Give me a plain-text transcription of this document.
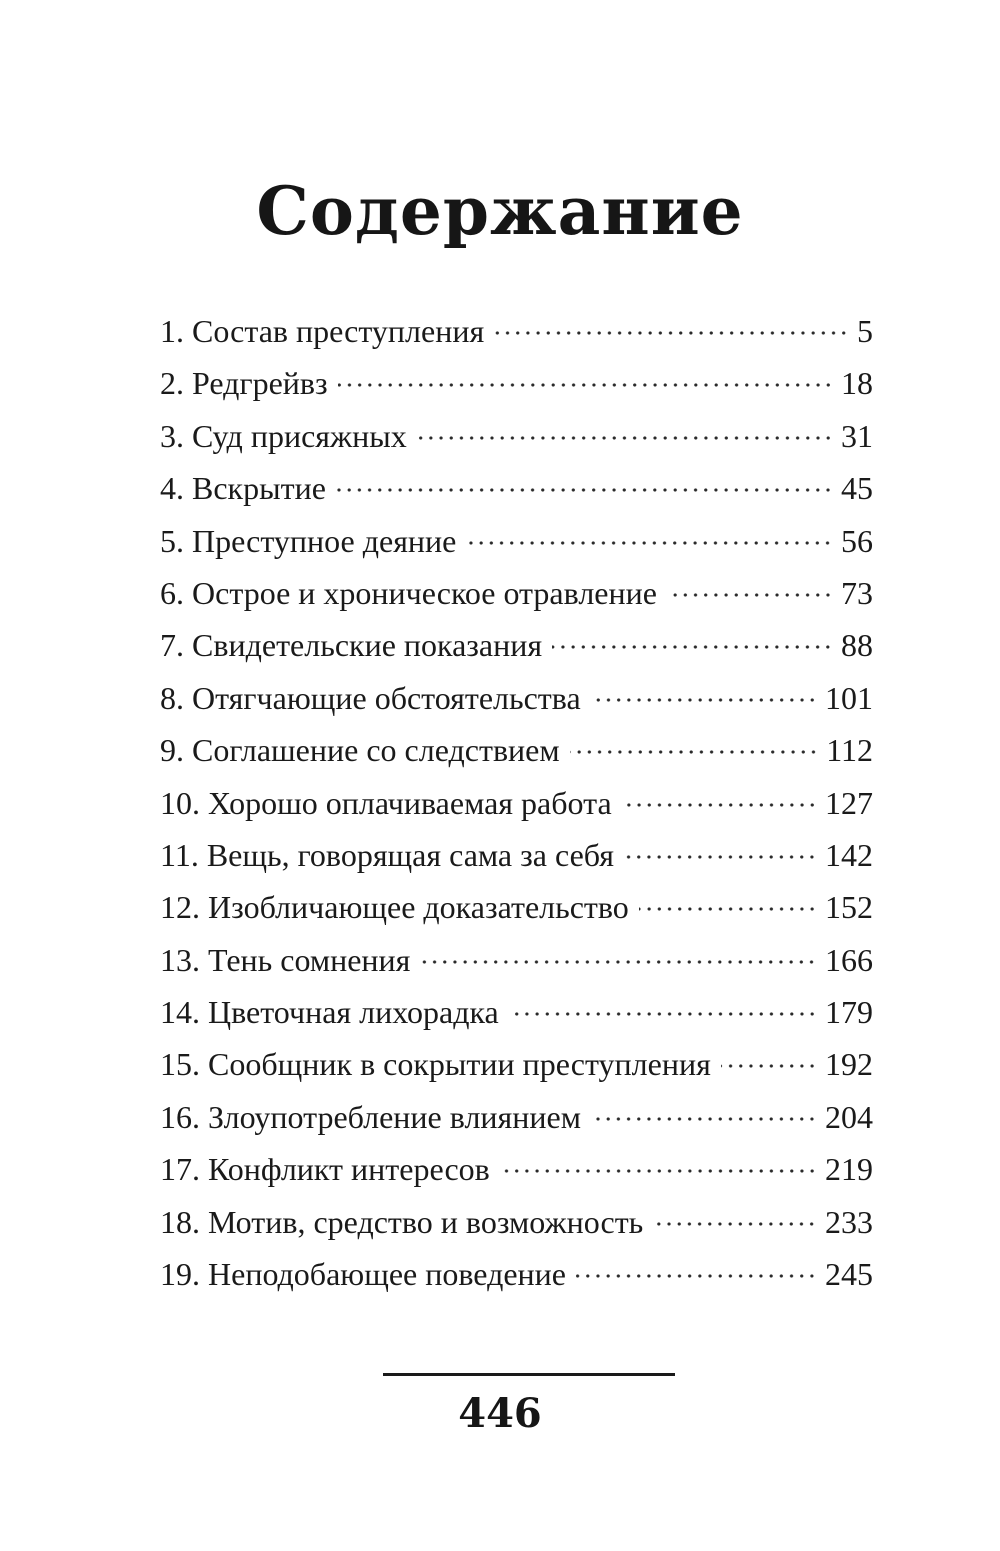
Содержание
1. Состав преступления	5
2. Редгрейвз	18
3. Суд присяжных	31
4. Вскрытие	45
5. Преступное деяние	56
6. Острое и хроническое отравление	73
7. Свидетельские показания	88
8. Отягчающие обстоятельства	101
9. Соглашение со следствием	112
10. Хорошо оплачиваемая работа	127
11. Вещь, говорящая сама за себя	142
12. Изобличающее доказательство	152
13. Тень сомнения	166
14. Цветочная лихорадка	179
15. Сообщник в сокрытии преступления	192
16. Злоупотребление влиянием	204
17. Конфликт интересов	219
18. Мотив, средство и возможность	233
19. Неподобающее поведение	245
446
